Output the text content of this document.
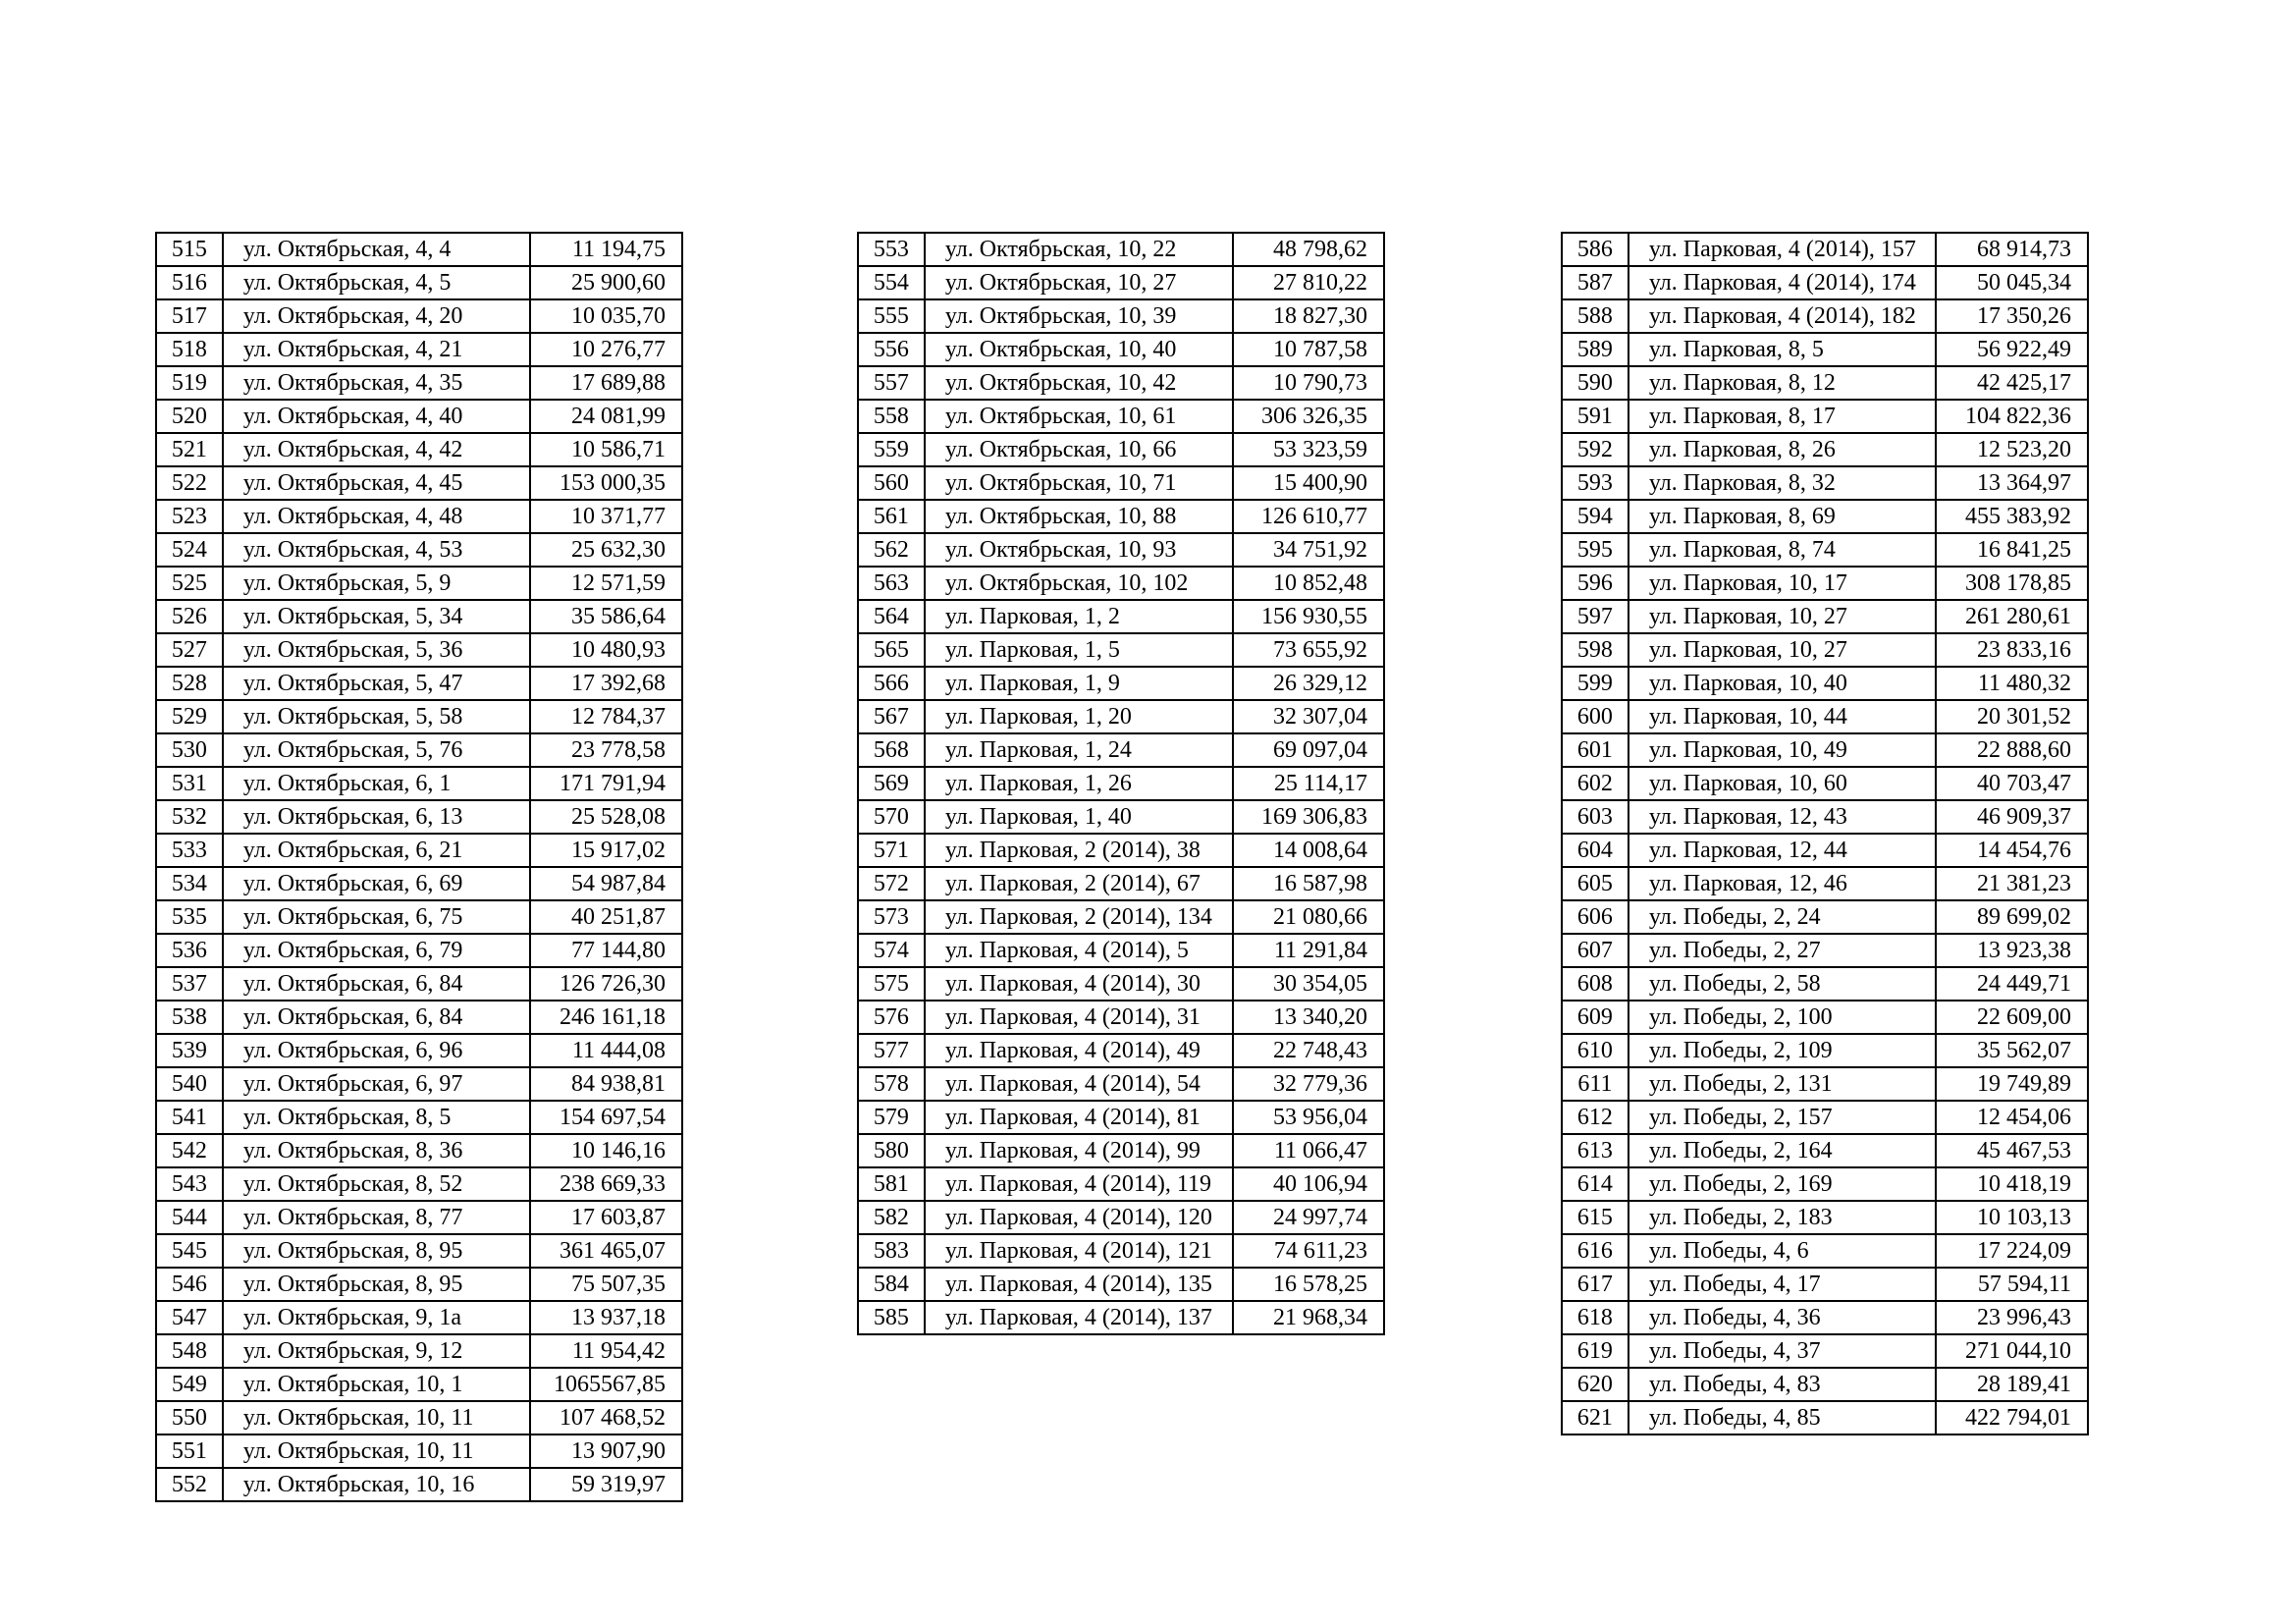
515	ул. Октябрьская, 4, 4	11 194,75
516	ул. Октябрьская, 4, 5	25 900,60
517	ул. Октябрьская, 4, 20	10 035,70
518	ул. Октябрьская, 4, 21	10 276,77
519	ул. Октябрьская, 4, 35	17 689,88
520	ул. Октябрьская, 4, 40	24 081,99
521	ул. Октябрьская, 4, 42	10 586,71
522	ул. Октябрьская, 4, 45	153 000,35
523	ул. Октябрьская, 4, 48	10 371,77
524	ул. Октябрьская, 4, 53	25 632,30
525	ул. Октябрьская, 5, 9	12 571,59
526	ул. Октябрьская, 5, 34	35 586,64
527	ул. Октябрьская, 5, 36	10 480,93
528	ул. Октябрьская, 5, 47	17 392,68
529	ул. Октябрьская, 5, 58	12 784,37
530	ул. Октябрьская, 5, 76	23 778,58
531	ул. Октябрьская, 6, 1	171 791,94
532	ул. Октябрьская, 6, 13	25 528,08
533	ул. Октябрьская, 6, 21	15 917,02
534	ул. Октябрьская, 6, 69	54 987,84
535	ул. Октябрьская, 6, 75	40 251,87
536	ул. Октябрьская, 6, 79	77 144,80
537	ул. Октябрьская, 6, 84	126 726,30
538	ул. Октябрьская, 6, 84	246 161,18
539	ул. Октябрьская, 6, 96	11 444,08
540	ул. Октябрьская, 6, 97	84 938,81
541	ул. Октябрьская, 8, 5	154 697,54
542	ул. Октябрьская, 8, 36	10 146,16
543	ул. Октябрьская, 8, 52	238 669,33
544	ул. Октябрьская, 8, 77	17 603,87
545	ул. Октябрьская, 8, 95	361 465,07
546	ул. Октябрьская, 8, 95	75 507,35
547	ул. Октябрьская, 9, 1а	13 937,18
548	ул. Октябрьская, 9, 12	11 954,42
549	ул. Октябрьская, 10, 1	1065567,85
550	ул. Октябрьская, 10, 11	107 468,52
551	ул. Октябрьская, 10, 11	13 907,90
552	ул. Октябрьская, 10, 16	59 319,97
553	ул. Октябрьская, 10, 22	48 798,62
554	ул. Октябрьская, 10, 27	27 810,22
555	ул. Октябрьская, 10, 39	18 827,30
556	ул. Октябрьская, 10, 40	10 787,58
557	ул. Октябрьская, 10, 42	10 790,73
558	ул. Октябрьская, 10, 61	306 326,35
559	ул. Октябрьская, 10, 66	53 323,59
560	ул. Октябрьская, 10, 71	15 400,90
561	ул. Октябрьская, 10, 88	126 610,77
562	ул. Октябрьская, 10, 93	34 751,92
563	ул. Октябрьская, 10, 102	10 852,48
564	ул. Парковая, 1, 2	156 930,55
565	ул. Парковая, 1, 5	73 655,92
566	ул. Парковая, 1, 9	26 329,12
567	ул. Парковая, 1, 20	32 307,04
568	ул. Парковая, 1, 24	69 097,04
569	ул. Парковая, 1, 26	25 114,17
570	ул. Парковая, 1, 40	169 306,83
571	ул. Парковая, 2 (2014), 38	14 008,64
572	ул. Парковая, 2 (2014), 67	16 587,98
573	ул. Парковая, 2 (2014), 134	21 080,66
574	ул. Парковая, 4 (2014), 5	11 291,84
575	ул. Парковая, 4 (2014), 30	30 354,05
576	ул. Парковая, 4 (2014), 31	13 340,20
577	ул. Парковая, 4 (2014), 49	22 748,43
578	ул. Парковая, 4 (2014), 54	32 779,36
579	ул. Парковая, 4 (2014), 81	53 956,04
580	ул. Парковая, 4 (2014), 99	11 066,47
581	ул. Парковая, 4 (2014), 119	40 106,94
582	ул. Парковая, 4 (2014), 120	24 997,74
583	ул. Парковая, 4 (2014), 121	74 611,23
584	ул. Парковая, 4 (2014), 135	16 578,25
585	ул. Парковая, 4 (2014), 137	21 968,34
586	ул. Парковая, 4 (2014), 157	68 914,73
587	ул. Парковая, 4 (2014), 174	50 045,34
588	ул. Парковая, 4 (2014), 182	17 350,26
589	ул. Парковая, 8, 5	56 922,49
590	ул. Парковая, 8, 12	42 425,17
591	ул. Парковая, 8, 17	104 822,36
592	ул. Парковая, 8, 26	12 523,20
593	ул. Парковая, 8, 32	13 364,97
594	ул. Парковая, 8, 69	455 383,92
595	ул. Парковая, 8, 74	16 841,25
596	ул. Парковая, 10, 17	308 178,85
597	ул. Парковая, 10, 27	261 280,61
598	ул. Парковая, 10, 27	23 833,16
599	ул. Парковая, 10, 40	11 480,32
600	ул. Парковая, 10, 44	20 301,52
601	ул. Парковая, 10, 49	22 888,60
602	ул. Парковая, 10, 60	40 703,47
603	ул. Парковая, 12, 43	46 909,37
604	ул. Парковая, 12, 44	14 454,76
605	ул. Парковая, 12, 46	21 381,23
606	ул. Победы, 2, 24	89 699,02
607	ул. Победы, 2, 27	13 923,38
608	ул. Победы, 2, 58	24 449,71
609	ул. Победы, 2, 100	22 609,00
610	ул. Победы, 2, 109	35 562,07
611	ул. Победы, 2, 131	19 749,89
612	ул. Победы, 2, 157	12 454,06
613	ул. Победы, 2, 164	45 467,53
614	ул. Победы, 2, 169	10 418,19
615	ул. Победы, 2, 183	10 103,13
616	ул. Победы, 4, 6	17 224,09
617	ул. Победы, 4, 17	57 594,11
618	ул. Победы, 4, 36	23 996,43
619	ул. Победы, 4, 37	271 044,10
620	ул. Победы, 4, 83	28 189,41
621	ул. Победы, 4, 85	422 794,01
